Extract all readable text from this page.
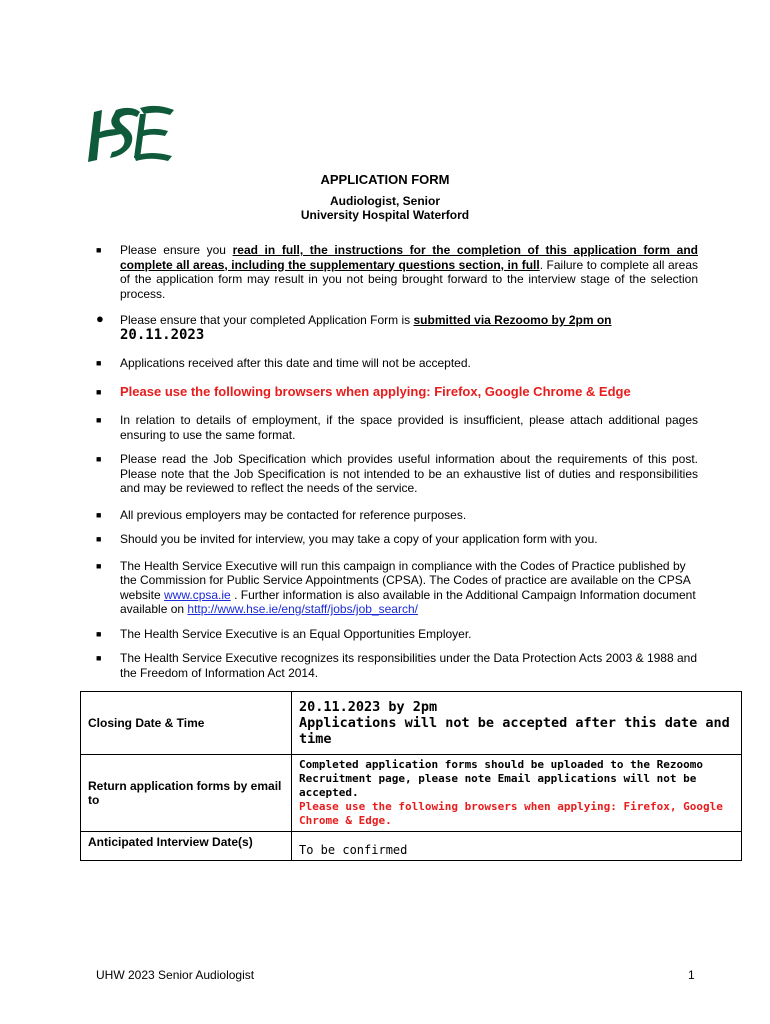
APPLICATION FORM
Audiologist, Senior
University Hospital Waterford
■ Please ensure you read in full, the instructions for the completion of this application form and complete all areas, including the supplementary questions section, in full. Failure to complete all areas of the application form may result in you not being brought forward to the interview stage of the selection process.
● Please ensure that your completed Application Form is submitted via Rezoomo by 2pm on
20.11.2023
■ Applications received after this date and time will not be accepted.
■ Please use the following browsers when applying: Firefox, Google Chrome & Edge
■ In relation to details of employment, if the space provided is insufficient, please attach additional pages ensuring to use the same format.
■ Please read the Job Specification which provides useful information about the requirements of this post. Please note that the Job Specification is not intended to be an exhaustive list of duties and responsibilities and may be reviewed to reflect the needs of the service.
■ All previous employers may be contacted for reference purposes.
■ Should you be invited for interview, you may take a copy of your application form with you.
■ The Health Service Executive will run this campaign in compliance with the Codes of Practice published by the Commission for Public Service Appointments (CPSA). The Codes of practice are available on the CPSA website www.cpsa.ie . Further information is also available in the Additional Campaign Information document available on http://www.hse.ie/eng/staff/jobs/job_search/
■ The Health Service Executive is an Equal Opportunities Employer.
■ The Health Service Executive recognizes its responsibilities under the Data Protection Acts 2003 & 1988 and the Freedom of Information Act 2014.
Closing Date & Time	20.11.2023 by 2pm
Applications will not be accepted after this date and time

Return application forms by email to	Completed application forms should be uploaded to the Rezoomo Recruitment page, please note Email applications will not be accepted.
Please use the following browsers when applying: Firefox, Google Chrome & Edge.

Anticipated Interview Date(s)	To be confirmed
UHW 2023 Senior Audiologist	1
